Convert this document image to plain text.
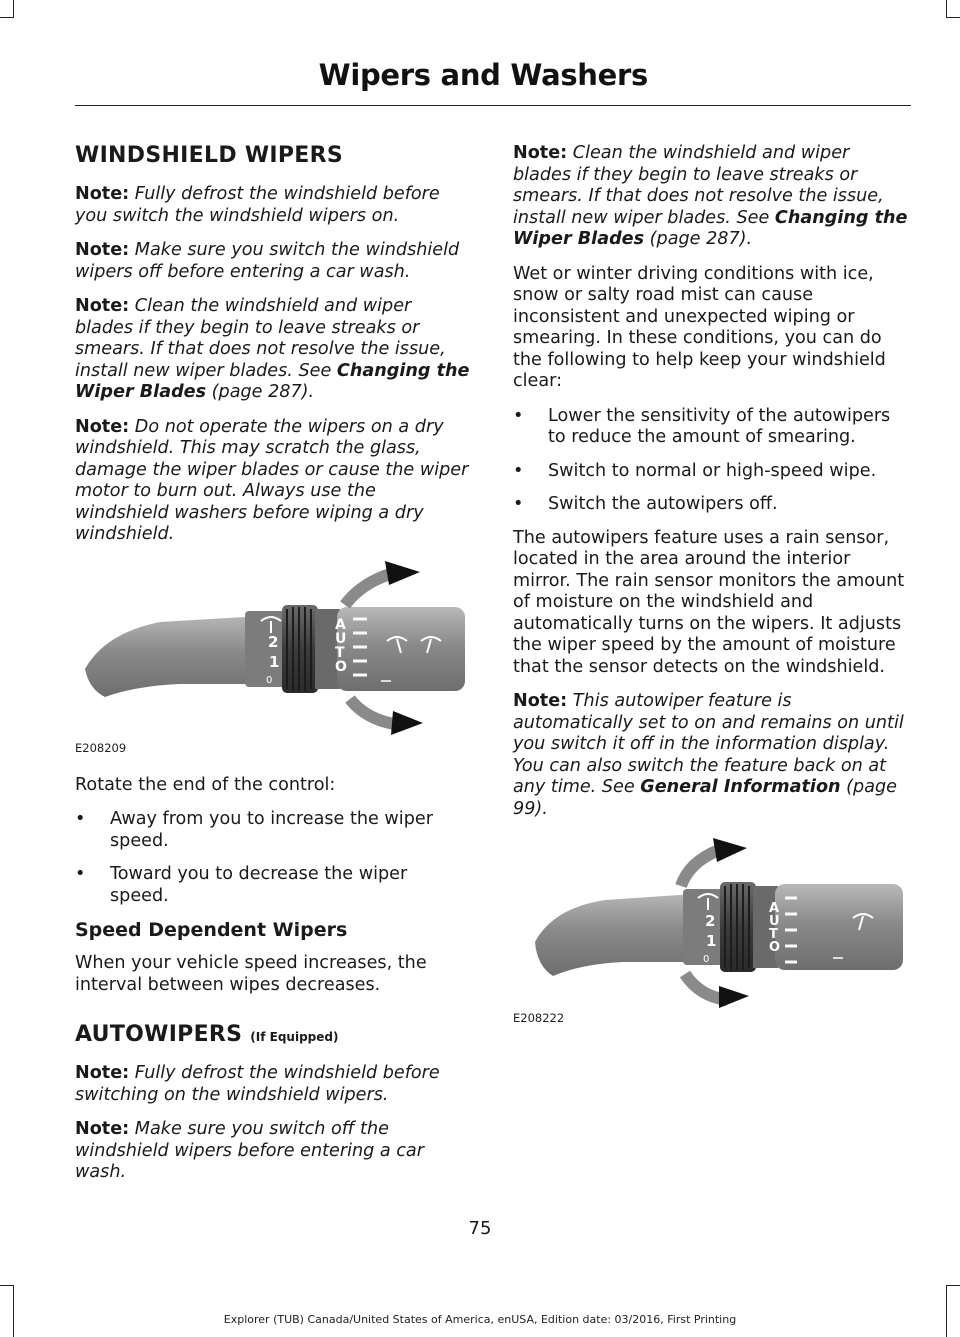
Wipers and Washers
WINDSHIELD WIPERS

Note: Fully defrost the windshield before you switch the windshield wipers on.

Note: Make sure you switch the windshield wipers off before entering a car wash.

Note: Clean the windshield and wiper blades if they begin to leave streaks or smears. If that does not resolve the issue, install new wiper blades. See Changing the Wiper Blades (page 287).

Note: Do not operate the wipers on a dry windshield. This may scratch the glass, damage the wiper blades or cause the wiper motor to burn out. Always use the windshield washers before wiping a dry windshield.

A
U
T
O
2
1
0
E208209

Rotate the end of the control:

• Away from you to increase the wiper speed.
• Toward you to decrease the wiper speed.
Speed Dependent Wipers

When your vehicle speed increases, the interval between wipes decreases.

AUTOWIPERS (If Equipped)

Note: Fully defrost the windshield before switching on the windshield wipers.

Note: Make sure you switch off the windshield wipers before entering a car wash.

Note: Clean the windshield and wiper blades if they begin to leave streaks or smears. If that does not resolve the issue, install new wiper blades. See Changing the Wiper Blades (page 287).

Wet or winter driving conditions with ice, snow or salty road mist can cause inconsistent and unexpected wiping or smearing. In these conditions, you can do the following to help keep your windshield clear:

• Lower the sensitivity of the autowipers to reduce the amount of smearing.
• Switch to normal or high-speed wipe.
• Switch the autowipers off.

The autowipers feature uses a rain sensor, located in the area around the interior mirror. The rain sensor monitors the amount of moisture on the windshield and automatically turns on the wipers. It adjusts the wiper speed by the amount of moisture that the sensor detects on the windshield.

Note: This autowiper feature is automatically set to on and remains on until you switch it off in the information display. You can also switch the feature back on at any time. See General Information (page 99).

A
U
T
O
2
1
0
E208222
75
Explorer (TUB) Canada/United States of America, enUSA, Edition date: 03/2016, First Printing
